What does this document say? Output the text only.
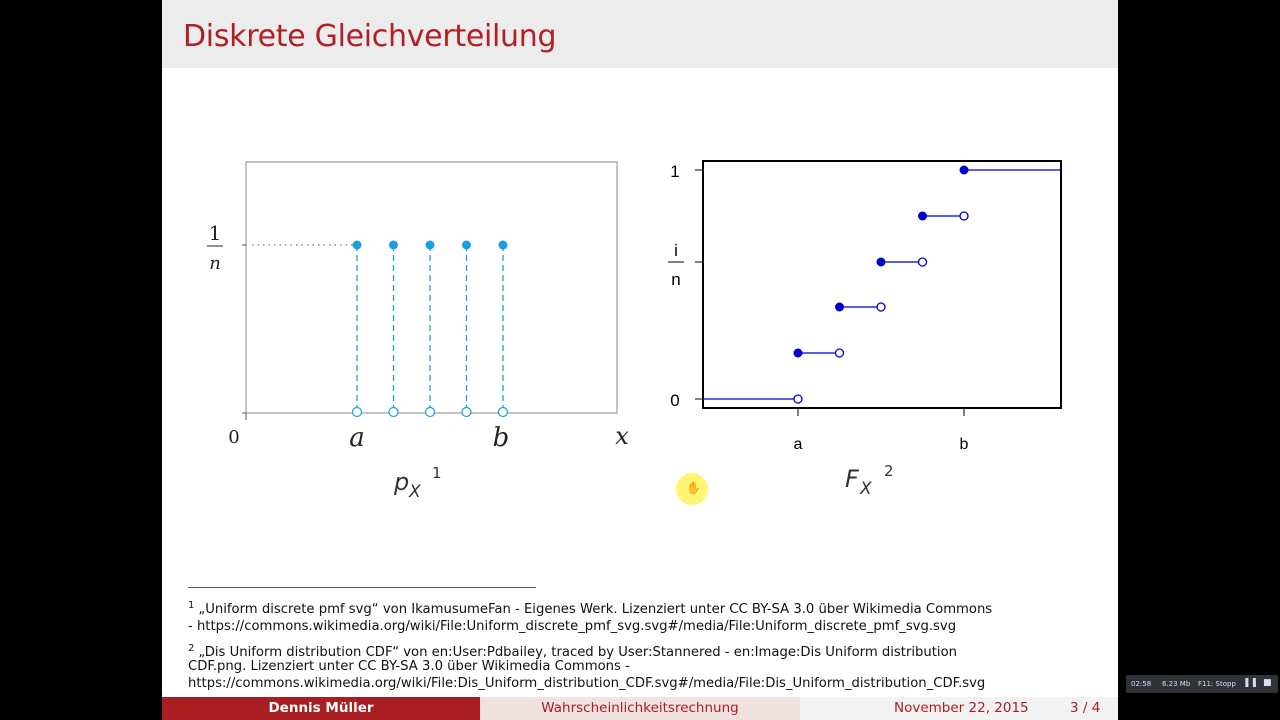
Diskrete Gleichverteilung
1
n
0	a	b	x
p X
1
1
0
i
n
a	b
F X
2
$^1$ „Uniform discrete pmf svg“ von IkamusumeFan - Eigenes Werk. Lizenziert unter CC BY-SA 3.0 über Wikimedia Commons
- https://commons.wikimedia.org/wiki/File:Uniform_discrete_pmf_svg.svg#/media/File:Uniform_discrete_pmf_svg.svg
$^2$ „Dis Uniform distribution CDF“ von en:User:Pdbailey, traced by User:Stannered - en:Image:Dis Uniform distribution
CDF.png. Lizenziert unter CC BY-SA 3.0 über Wikimedia Commons -
https://commons.wikimedia.org/wiki/File:Dis_Uniform_distribution_CDF.svg#/media/File:Dis_Uniform_distribution_CDF.svg
✋
Dennis Müller	Wahrscheinlichkeitsrechnung	November 22, 2015	3 / 4
02:58 6.23 Mb F11: Stopp ❚❚ ■
